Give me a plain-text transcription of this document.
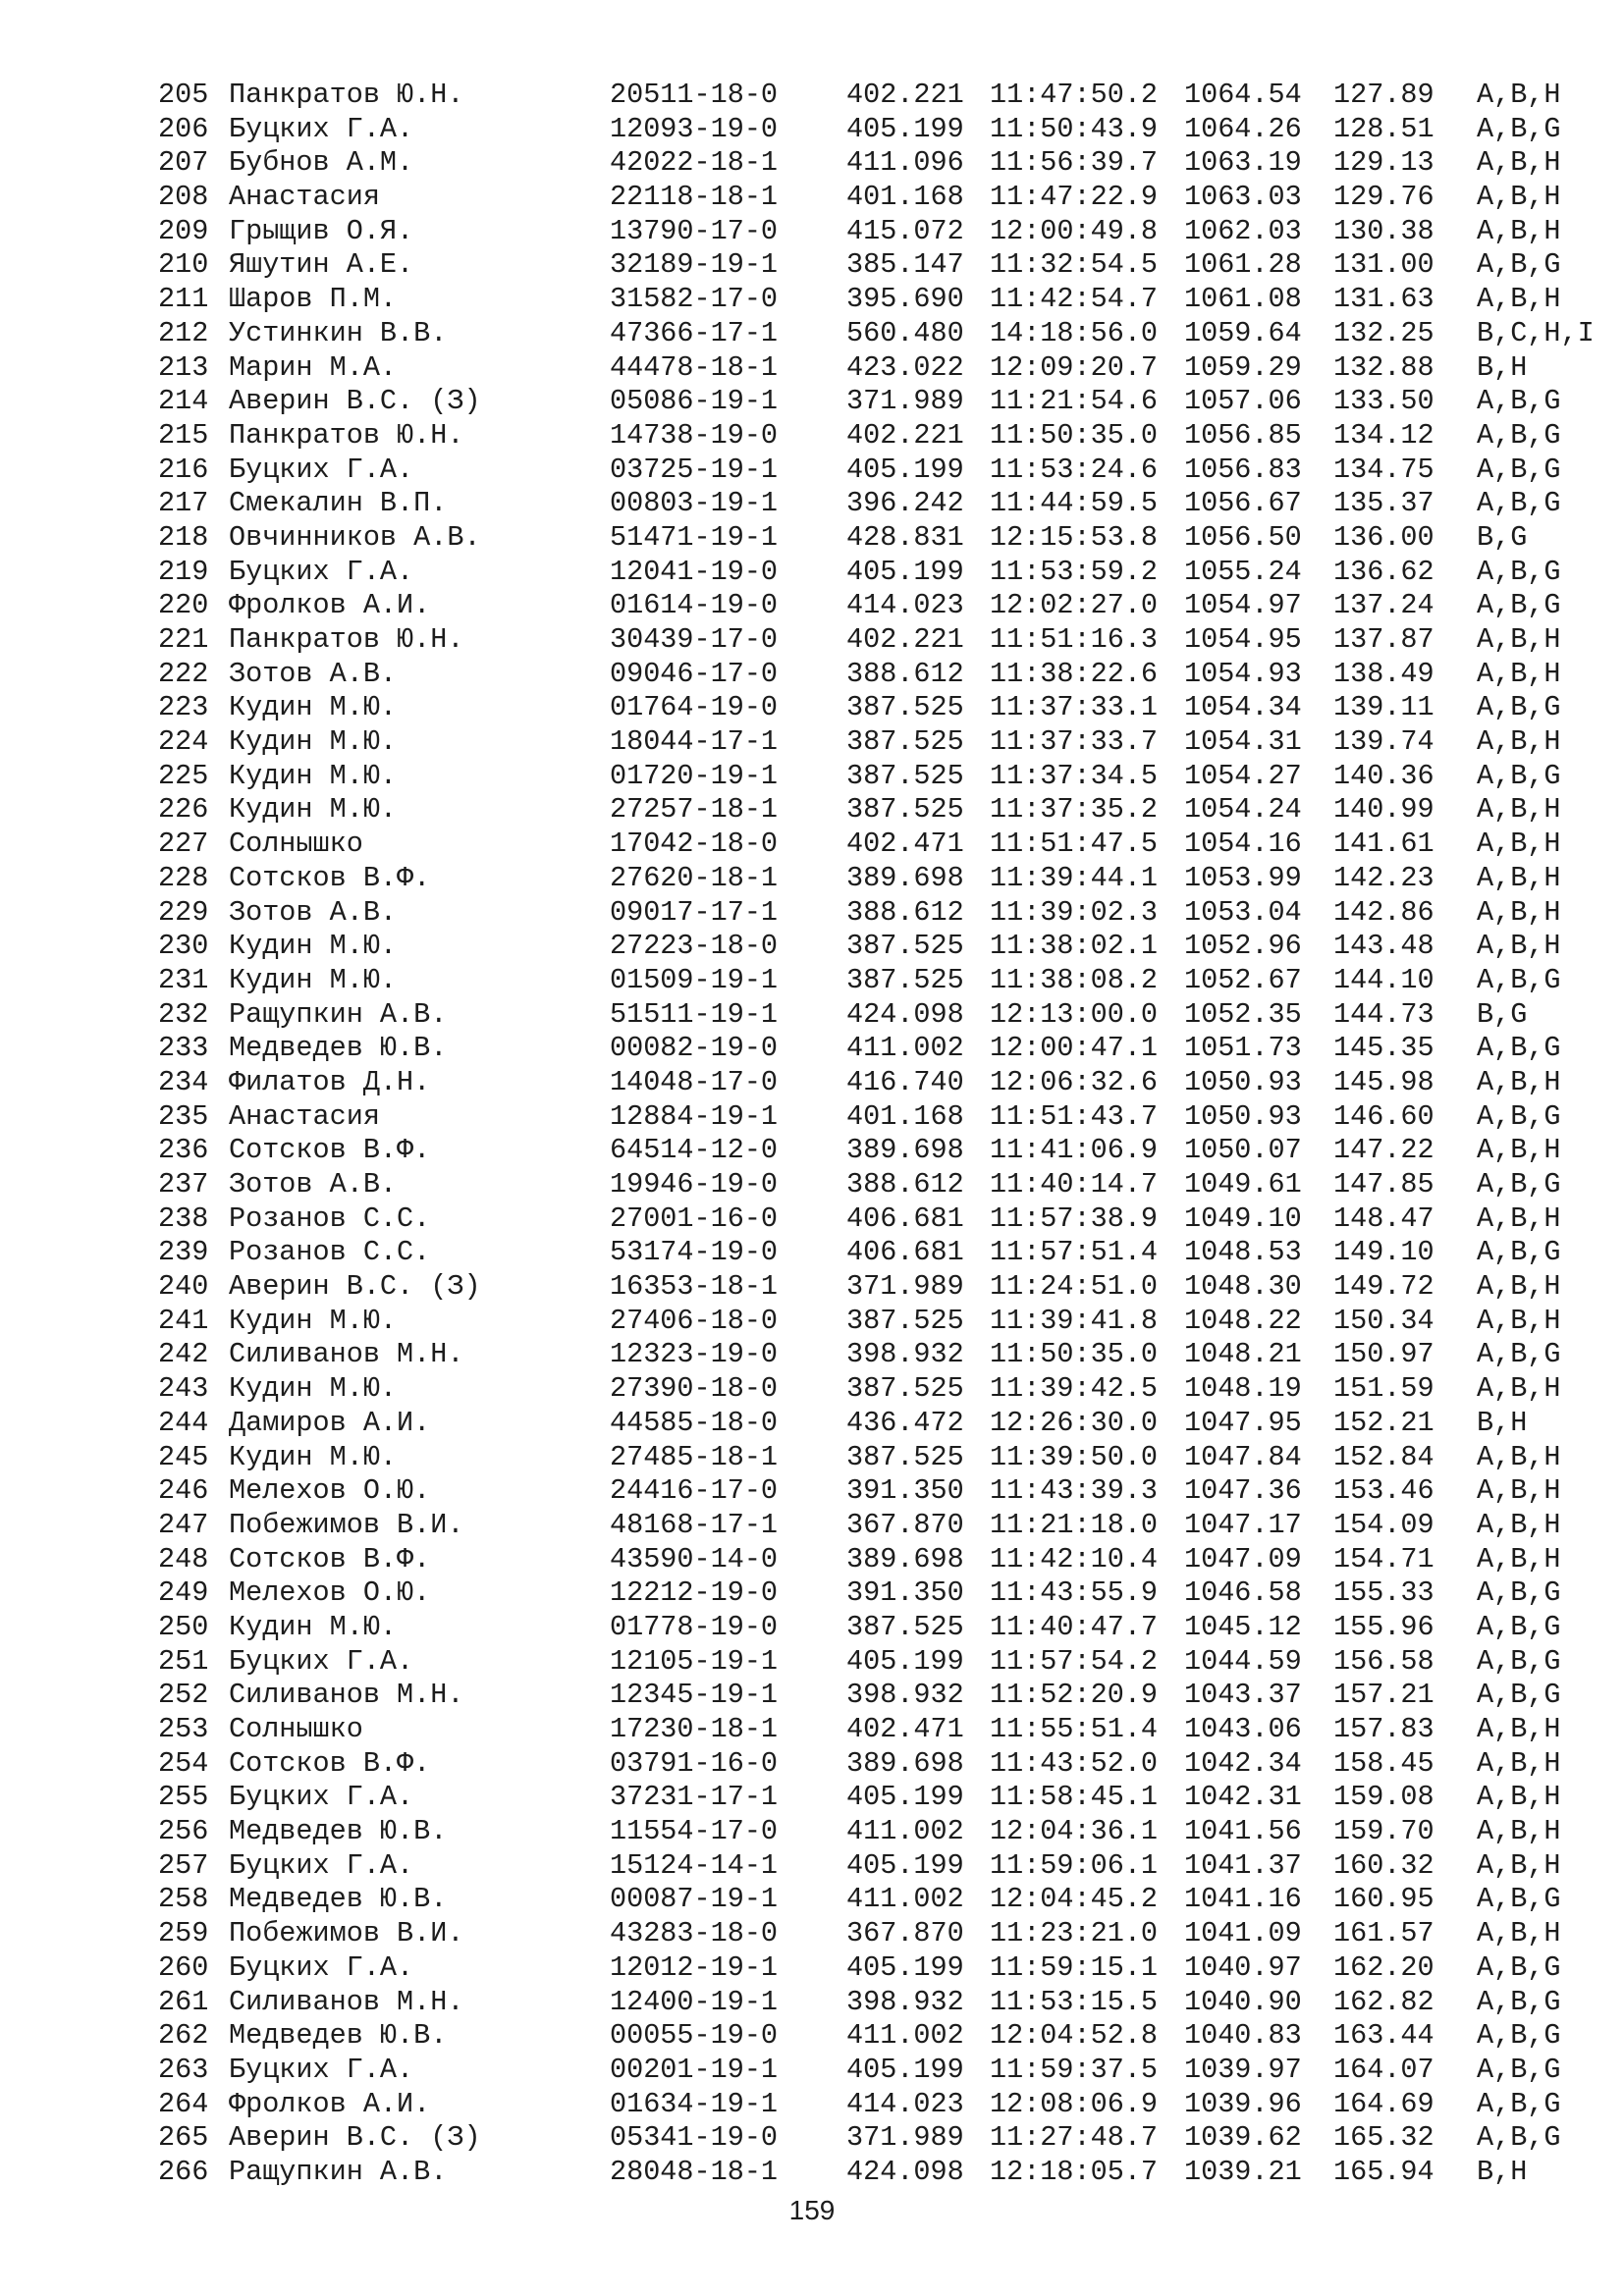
205 Панкратов Ю.Н.	20511-18-0 402.221 11:47:50.2 1064.54 127.89 A,B,H
206 Буцких Г.А.	12093-19-0 405.199 11:50:43.9 1064.26 128.51 A,B,G
207 Бубнов А.М.	42022-18-1 411.096 11:56:39.7 1063.19 129.13 A,B,H
208 Анастасия	22118-18-1 401.168 11:47:22.9 1063.03 129.76 A,B,H
209 Грыщив О.Я.	13790-17-0 415.072 12:00:49.8 1062.03 130.38 A,B,H
210 Яшутин А.Е.	32189-19-1 385.147 11:32:54.5 1061.28 131.00 A,B,G
211 Шаров П.М.	31582-17-0 395.690 11:42:54.7 1061.08 131.63 A,B,H
212 Устинкин В.В.	47366-17-1 560.480 14:18:56.0 1059.64 132.25 B,C,H,I
213 Марин М.А.	44478-18-1 423.022 12:09:20.7 1059.29 132.88 B,H
214 Аверин В.С. (З)	05086-19-1 371.989 11:21:54.6 1057.06 133.50 A,B,G
215 Панкратов Ю.Н.	14738-19-0 402.221 11:50:35.0 1056.85 134.12 A,B,G
216 Буцких Г.А.	03725-19-1 405.199 11:53:24.6 1056.83 134.75 A,B,G
217 Смекалин В.П.	00803-19-1 396.242 11:44:59.5 1056.67 135.37 A,B,G
218 Овчинников А.В.	51471-19-1 428.831 12:15:53.8 1056.50 136.00 B,G
219 Буцких Г.А.	12041-19-0 405.199 11:53:59.2 1055.24 136.62 A,B,G
220 Фролков А.И.	01614-19-0 414.023 12:02:27.0 1054.97 137.24 A,B,G
221 Панкратов Ю.Н.	30439-17-0 402.221 11:51:16.3 1054.95 137.87 A,B,H
222 Зотов А.В.	09046-17-0 388.612 11:38:22.6 1054.93 138.49 A,B,H
223 Кудин М.Ю.	01764-19-0 387.525 11:37:33.1 1054.34 139.11 A,B,G
224 Кудин М.Ю.	18044-17-1 387.525 11:37:33.7 1054.31 139.74 A,B,H
225 Кудин М.Ю.	01720-19-1 387.525 11:37:34.5 1054.27 140.36 A,B,G
226 Кудин М.Ю.	27257-18-1 387.525 11:37:35.2 1054.24 140.99 A,B,H
227 Солнышко	17042-18-0 402.471 11:51:47.5 1054.16 141.61 A,B,H
228 Сотсков В.Ф.	27620-18-1 389.698 11:39:44.1 1053.99 142.23 A,B,H
229 Зотов А.В.	09017-17-1 388.612 11:39:02.3 1053.04 142.86 A,B,H
230 Кудин М.Ю.	27223-18-0 387.525 11:38:02.1 1052.96 143.48 A,B,H
231 Кудин М.Ю.	01509-19-1 387.525 11:38:08.2 1052.67 144.10 A,B,G
232 Ращупкин А.В.	51511-19-1 424.098 12:13:00.0 1052.35 144.73 B,G
233 Медведев Ю.В.	00082-19-0 411.002 12:00:47.1 1051.73 145.35 A,B,G
234 Филатов Д.Н.	14048-17-0 416.740 12:06:32.6 1050.93 145.98 A,B,H
235 Анастасия	12884-19-1 401.168 11:51:43.7 1050.93 146.60 A,B,G
236 Сотсков В.Ф.	64514-12-0 389.698 11:41:06.9 1050.07 147.22 A,B,H
237 Зотов А.В.	19946-19-0 388.612 11:40:14.7 1049.61 147.85 A,B,G
238 Розанов С.С.	27001-16-0 406.681 11:57:38.9 1049.10 148.47 A,B,H
239 Розанов С.С.	53174-19-0 406.681 11:57:51.4 1048.53 149.10 A,B,G
240 Аверин В.С. (З)	16353-18-1 371.989 11:24:51.0 1048.30 149.72 A,B,H
241 Кудин М.Ю.	27406-18-0 387.525 11:39:41.8 1048.22 150.34 A,B,H
242 Силиванов М.Н.	12323-19-0 398.932 11:50:35.0 1048.21 150.97 A,B,G
243 Кудин М.Ю.	27390-18-0 387.525 11:39:42.5 1048.19 151.59 A,B,H
244 Дамиров А.И.	44585-18-0 436.472 12:26:30.0 1047.95 152.21 B,H
245 Кудин М.Ю.	27485-18-1 387.525 11:39:50.0 1047.84 152.84 A,B,H
246 Мелехов О.Ю.	24416-17-0 391.350 11:43:39.3 1047.36 153.46 A,B,H
247 Побежимов В.И.	48168-17-1 367.870 11:21:18.0 1047.17 154.09 A,B,H
248 Сотсков В.Ф.	43590-14-0 389.698 11:42:10.4 1047.09 154.71 A,B,H
249 Мелехов О.Ю.	12212-19-0 391.350 11:43:55.9 1046.58 155.33 A,B,G
250 Кудин М.Ю.	01778-19-0 387.525 11:40:47.7 1045.12 155.96 A,B,G
251 Буцких Г.А.	12105-19-1 405.199 11:57:54.2 1044.59 156.58 A,B,G
252 Силиванов М.Н.	12345-19-1 398.932 11:52:20.9 1043.37 157.21 A,B,G
253 Солнышко	17230-18-1 402.471 11:55:51.4 1043.06 157.83 A,B,H
254 Сотсков В.Ф.	03791-16-0 389.698 11:43:52.0 1042.34 158.45 A,B,H
255 Буцких Г.А.	37231-17-1 405.199 11:58:45.1 1042.31 159.08 A,B,H
256 Медведев Ю.В.	11554-17-0 411.002 12:04:36.1 1041.56 159.70 A,B,H
257 Буцких Г.А.	15124-14-1 405.199 11:59:06.1 1041.37 160.32 A,B,H
258 Медведев Ю.В.	00087-19-1 411.002 12:04:45.2 1041.16 160.95 A,B,G
259 Побежимов В.И.	43283-18-0 367.870 11:23:21.0 1041.09 161.57 A,B,H
260 Буцких Г.А.	12012-19-1 405.199 11:59:15.1 1040.97 162.20 A,B,G
261 Силиванов М.Н.	12400-19-1 398.932 11:53:15.5 1040.90 162.82 A,B,G
262 Медведев Ю.В.	00055-19-0 411.002 12:04:52.8 1040.83 163.44 A,B,G
263 Буцких Г.А.	00201-19-1 405.199 11:59:37.5 1039.97 164.07 A,B,G
264 Фролков А.И.	01634-19-1 414.023 12:08:06.9 1039.96 164.69 A,B,G
265 Аверин В.С. (З)	05341-19-0 371.989 11:27:48.7 1039.62 165.32 A,B,G
266 Ращупкин А.В.	28048-18-1 424.098 12:18:05.7 1039.21 165.94 B,H
159
